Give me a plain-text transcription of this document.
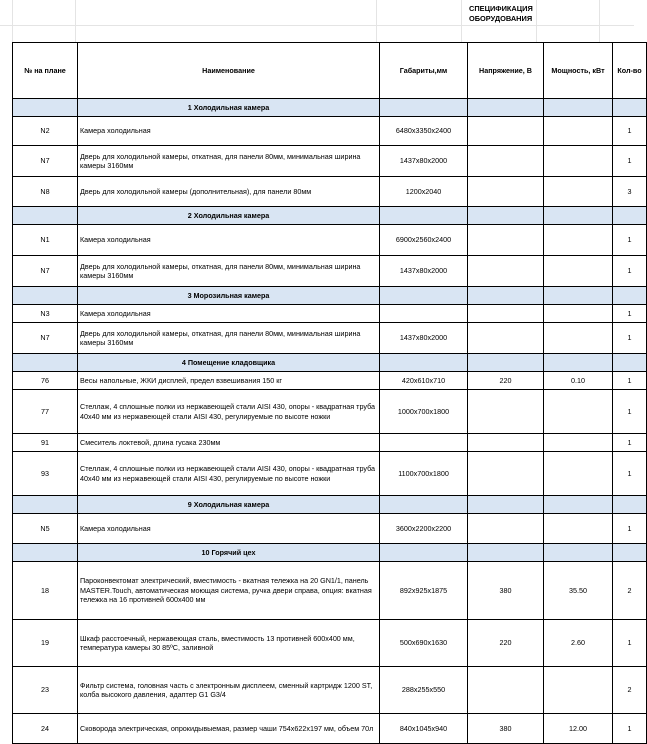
СПЕЦИФИКАЦИЯ ОБОРУДОВАНИЯ
№ на плане	Наименование	Габариты,мм	Напряжение, В	Мощность, кВт	Кол-во
	1 Холодильная камера				
N2	Камера холодильная	6480x3350x2400			1
N7	Дверь для холодильной камеры, откатная, для панели 80мм, минимальная ширина камеры 3160мм	1437x80x2000			1
N8	Дверь для холодильной камеры (дополнительная), для панели 80мм	1200x2040			3
	2 Холодильная камера				
N1	Камера холодильная	6900x2560x2400			1
N7	Дверь для холодильной камеры, откатная, для панели 80мм, минимальная ширина камеры 3160мм	1437x80x2000			1
	3 Морозильная камера				
N3	Камера холодильная				1
N7	Дверь для холодильной камеры, откатная, для панели 80мм, минимальная ширина камеры 3160мм	1437x80x2000			1
	4 Помещение кладовщика				
76	Весы напольные, ЖКИ дисплей, предел взвешивания 150 кг	420x610x710	220	0.10	1
77	Стеллаж, 4 сплошные полки из нержавеющей стали AISI 430, опоры - квадратная труба 40x40 мм из нержавеющей стали AISI 430, регулируемые по высоте ножки	1000x700x1800			1
91	Смеситель локтевой, длина гусака 230мм				1
93	Стеллаж, 4 сплошные полки из нержавеющей стали AISI 430, опоры - квадратная труба 40x40 мм из нержавеющей стали AISI 430, регулируемые по высоте ножки	1100x700x1800			1
	9 Холодильная камера				
N5	Камера холодильная	3600x2200x2200			1
	10 Горячий цех				
18	Пароконвектомат электрический, вместимость - вкатная тележка на 20 GN1/1, панель MASTER.Touch, автоматическая моющая система, ручка двери справа, опция: вкатная тележка на 16 противней 600x400 мм	892x925x1875	380	35.50	2
19	Шкаф расстоечный, нержавеющая сталь, вместимость 13 противней 600x400 мм, температура камеры 30 85ºC, заливной	500x690x1630	220	2.60	1
23	Фильтр система, головная часть с электронным дисплеем, сменный картридж 1200 ST, колба высокого давления, адаптер G1 G3/4	288x255x550			2
24	Сковорода электрическая, опрокидывыемая, размер чаши 754x622x197 мм, объем 70л	840x1045x940	380	12.00	1
